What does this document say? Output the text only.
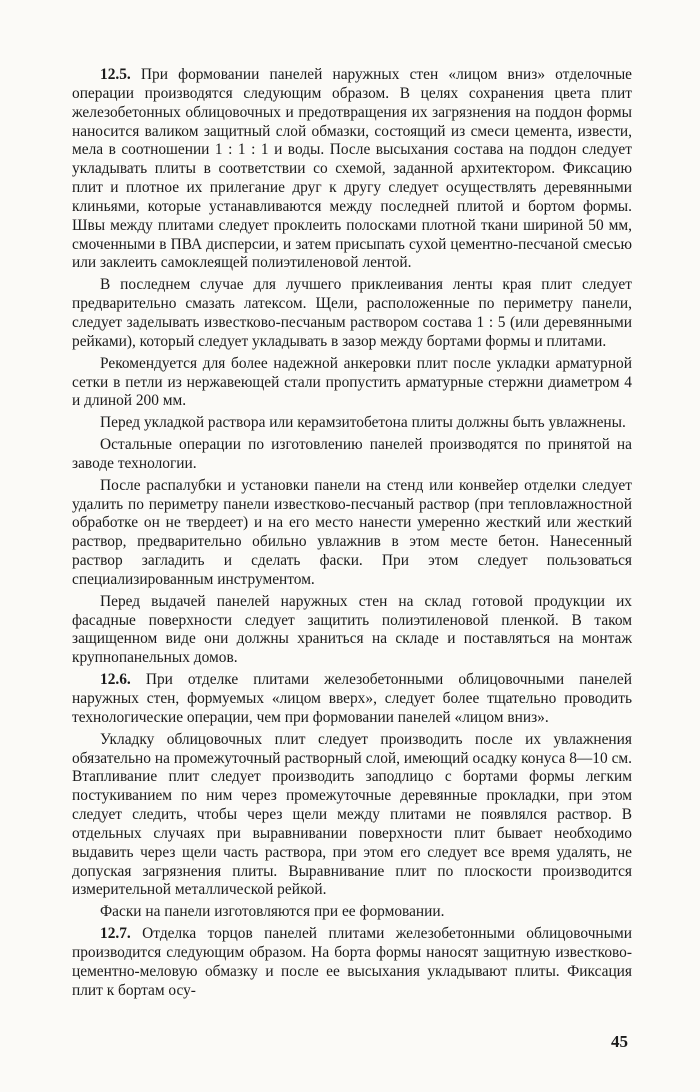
12.5. При формовании панелей наружных стен «лицом вниз» отделочные операции производятся следующим образом. В целях сохранения цвета плит железобетонных облицовочных и предотвращения их загрязнения на поддон формы наносится валиком защитный слой обмазки, состоящий из смеси цемента, извести, мела в соотношении 1 : 1 : 1 и воды. После высыхания состава на поддон следует укладывать плиты в соответствии со схемой, заданной архитектором. Фиксацию плит и плотное их прилегание друг к другу следует осуществлять деревянными клиньями, которые устанавливаются между последней плитой и бортом формы. Швы между плитами следует проклеить полосками плотной ткани шириной 50 мм, смоченными в ПВА дисперсии, и затем присыпать сухой цементно-песчаной смесью или заклеить самоклеящей полиэтиленовой лентой.

В последнем случае для лучшего приклеивания ленты края плит следует предварительно смазать латексом. Щели, расположенные по периметру панели, следует заделывать известково-песчаным раствором состава 1 : 5 (или деревянными рейками), который следует укладывать в зазор между бортами формы и плитами.

Рекомендуется для более надежной анкеровки плит после укладки арматурной сетки в петли из нержавеющей стали пропустить арматурные стержни диаметром 4 и длиной 200 мм.

Перед укладкой раствора или керамзитобетона плиты должны быть увлажнены.

Остальные операции по изготовлению панелей производятся по принятой на заводе технологии.

После распалубки и установки панели на стенд или конвейер отделки следует удалить по периметру панели известково-песчаный раствор (при тепловлажностной обработке он не твердеет) и на его место нанести умеренно жесткий или жесткий раствор, предварительно обильно увлажнив в этом месте бетон. Нанесенный раствор загладить и сделать фаски. При этом следует пользоваться специализированным инструментом.

Перед выдачей панелей наружных стен на склад готовой продукции их фасадные поверхности следует защитить полиэтиленовой пленкой. В таком защищенном виде они должны храниться на складе и поставляться на монтаж крупнопанельных домов.

12.6. При отделке плитами железобетонными облицовочными панелей наружных стен, формуемых «лицом вверх», следует более тщательно проводить технологические операции, чем при формовании панелей «лицом вниз».

Укладку облицовочных плит следует производить после их увлажнения обязательно на промежуточный растворный слой, имеющий осадку конуса 8—10 см. Втапливание плит следует производить заподлицо с бортами формы легким постукиванием по ним через промежуточные деревянные прокладки, при этом следует следить, чтобы через щели между плитами не появлялся раствор. В отдельных случаях при выравнивании поверхности плит бывает необходимо выдавить через щели часть раствора, при этом его следует все время удалять, не допуская загрязнения плиты. Выравнивание плит по плоскости производится измерительной металлической рейкой.

Фаски на панели изготовляются при ее формовании.

12.7. Отделка торцов панелей плитами железобетонными облицовочными производится следующим образом. На борта формы наносят защитную известково-цементно-меловую обмазку и после ее высыхания укладывают плиты. Фиксация плит к бортам осу-

45
